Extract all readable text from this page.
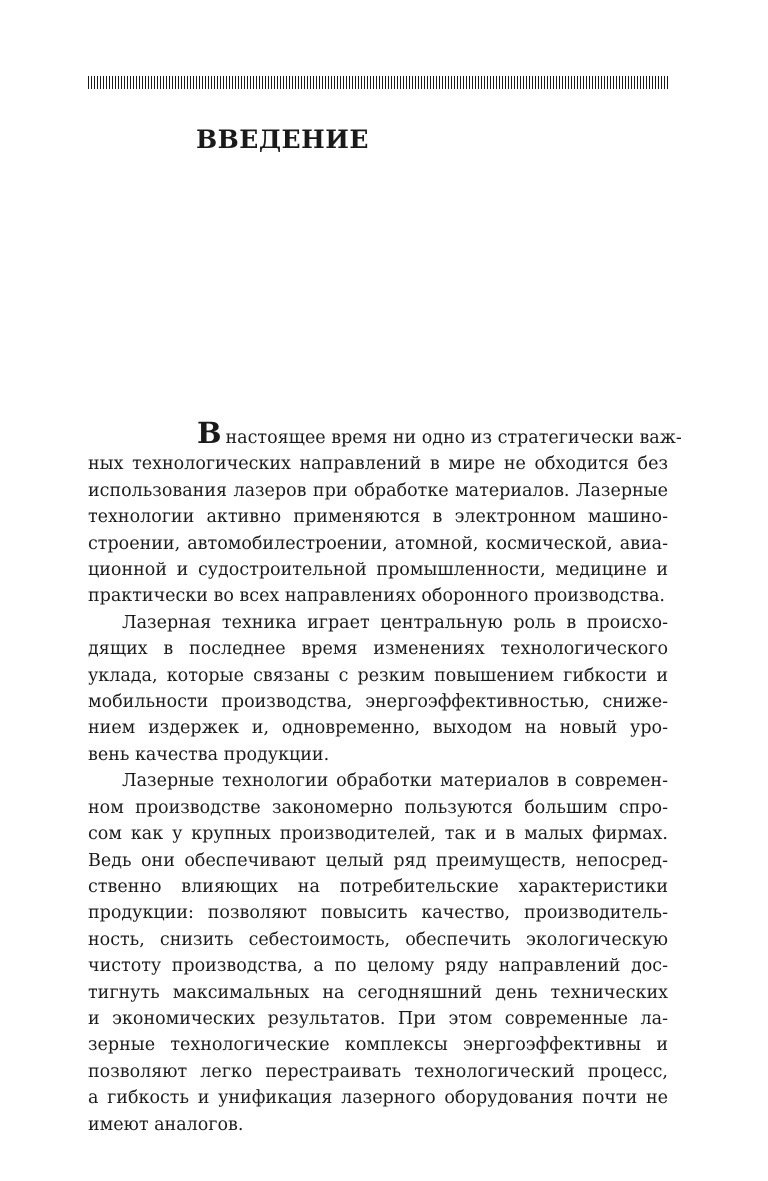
ВВЕДЕНИЕ
Внастоящее время ни одно из стратегически важ-
ных технологических направлений в мире не обходится без
использования лазеров при обработке материалов. Лазерные
технологии активно применяются в электронном машино-
строении, автомобилестроении, атомной, космической, авиа-
ционной и судостроительной промышленности, медицине и
практически во всех направлениях оборонного производства.
Лазерная техника играет центральную роль в происхо-
дящих в последнее время изменениях технологического
уклада, которые связаны с резким повышением гибкости и
мобильности производства, энергоэффективностью, сниже-
нием издержек и, одновременно, выходом на новый уро-
вень качества продукции.
Лазерные технологии обработки материалов в современ-
ном производстве закономерно пользуются большим спро-
сом как у крупных производителей, так и в малых фирмах.
Ведь они обеспечивают целый ряд преимуществ, непосред-
ственно влияющих на потребительские характеристики
продукции: позволяют повысить качество, производитель-
ность, снизить себестоимость, обеспечить экологическую
чистоту производства, а по целому ряду направлений дос-
тигнуть максимальных на сегодняшний день технических
и экономических результатов. При этом современные ла-
зерные технологические комплексы энергоэффективны и
позволяют легко перестраивать технологический процесс,
а гибкость и унификация лазерного оборудования почти не
имеют аналогов.
